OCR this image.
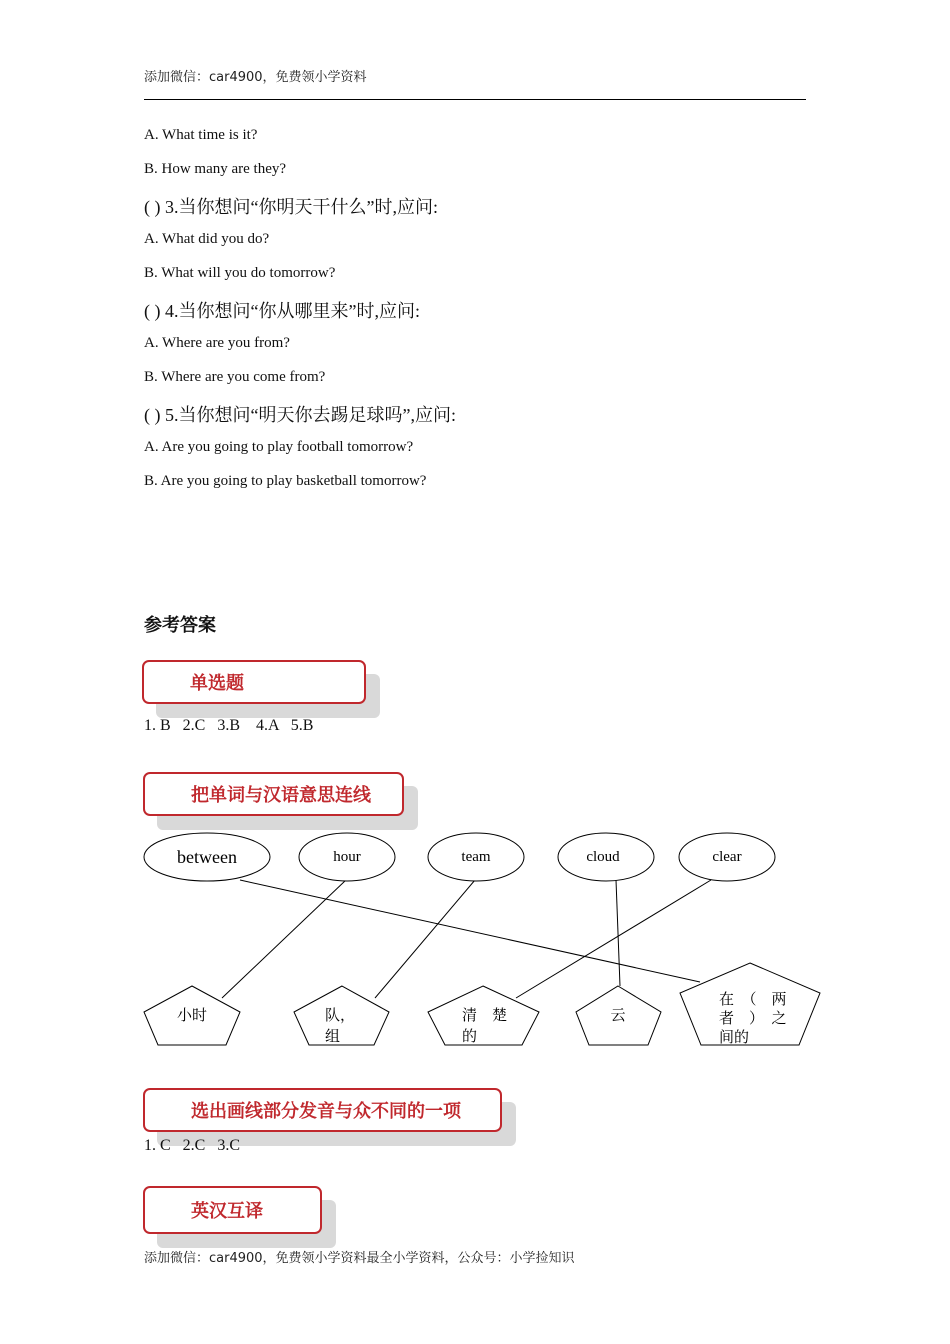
添加微信：car4900，免费领小学资料
A. What time is it?
B. How many are they?
( ) 3.当你想问“你明天干什么”时,应问:
A. What did you do?
B. What will you do tomorrow?
( ) 4.当你想问“你从哪里来”时,应问:
A. Where are you from?
B. Where are you come from?
( ) 5.当你想问“明天你去踢足球吗”,应问:
A. Are you going to play football tomorrow?
B. Are you going to play basketball tomorrow?
参考答案
单选题
1. B   2.C   3.B    4.A   5.B
把单词与汉语意思连线
between	hour	team	cloud	clear
小时	队，
组
清　楚
的
云
在　（　两
者　）　之
间的
选出画线部分发音与众不同的一项
1. C   2.C   3.C
英汉互译
添加微信：car4900，免费领小学资料最全小学资料，公众号：小学捡知识
